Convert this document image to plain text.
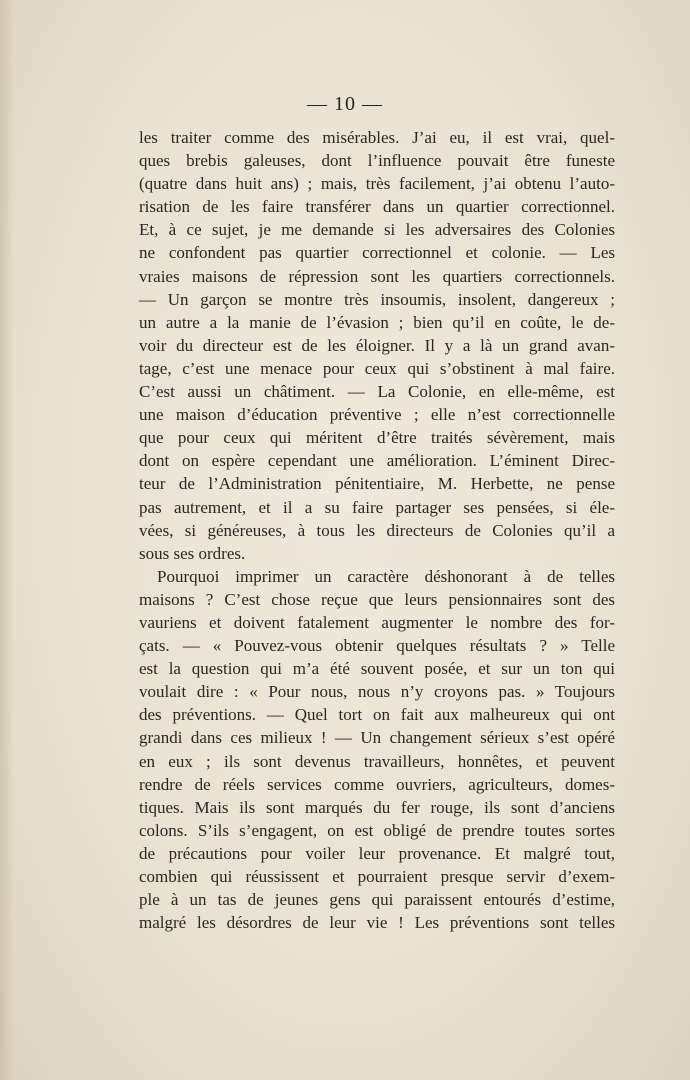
— 10 —
les traiter comme des misérables. J’ai eu, il est vrai, quel-
ques brebis galeuses, dont l’influence pouvait être funeste
(quatre dans huit ans) ; mais, très facilement, j’ai obtenu l’auto-
risation de les faire transférer dans un quartier correctionnel.
Et, à ce sujet, je me demande si les adversaires des Colonies
ne confondent pas quartier correctionnel et colonie. — Les
vraies maisons de répression sont les quartiers correctionnels.
— Un garçon se montre très insoumis, insolent, dangereux ;
un autre a la manie de l’évasion ; bien qu’il en coûte, le de-
voir du directeur est de les éloigner. Il y a là un grand avan-
tage, c’est une menace pour ceux qui s’obstinent à mal faire.
C’est aussi un châtiment. — La Colonie, en elle-même, est
une maison d’éducation préventive ; elle n’est correctionnelle
que pour ceux qui méritent d’être traités sévèrement, mais
dont on espère cependant une amélioration. L’éminent Direc-
teur de l’Administration pénitentiaire, M. Herbette, ne pense
pas autrement, et il a su faire partager ses pensées, si éle-
vées, si généreuses, à tous les directeurs de Colonies qu’il a
sous ses ordres.
Pourquoi imprimer un caractère déshonorant à de telles
maisons ? C’est chose reçue que leurs pensionnaires sont des
vauriens et doivent fatalement augmenter le nombre des for-
çats. — « Pouvez-vous obtenir quelques résultats ? » Telle
est la question qui m’a été souvent posée, et sur un ton qui
voulait dire : « Pour nous, nous n’y croyons pas. » Toujours
des préventions. — Quel tort on fait aux malheureux qui ont
grandi dans ces milieux ! — Un changement sérieux s’est opéré
en eux ; ils sont devenus travailleurs, honnêtes, et peuvent
rendre de réels services comme ouvriers, agriculteurs, domes-
tiques. Mais ils sont marqués du fer rouge, ils sont d’anciens
colons. S’ils s’engagent, on est obligé de prendre toutes sortes
de précautions pour voiler leur provenance. Et malgré tout,
combien qui réussissent et pourraient presque servir d’exem-
ple à un tas de jeunes gens qui paraissent entourés d’estime,
malgré les désordres de leur vie ! Les préventions sont telles
